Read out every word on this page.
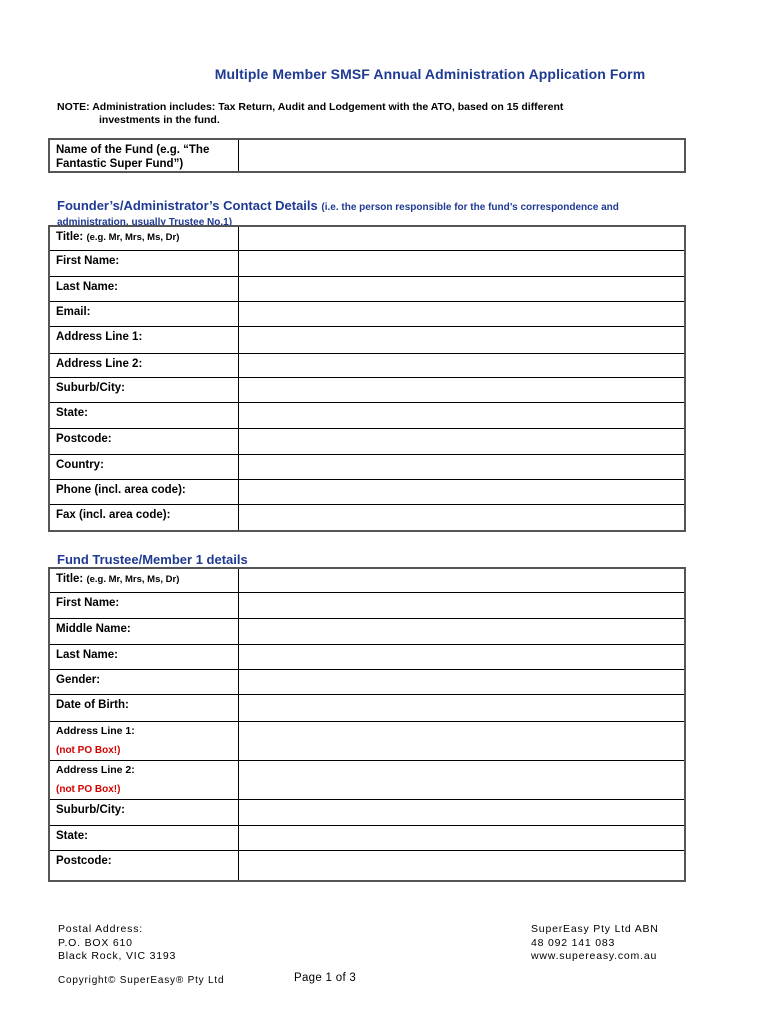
Multiple Member SMSF Annual Administration Application Form
NOTE: Administration includes: Tax Return, Audit and Lodgement with the ATO, based on 15 different
investments in the fund.
Name of the Fund (e.g. “The
Fantastic Super Fund”)	
Founder’s/Administrator’s Contact Details (i.e. the person responsible for the fund’s correspondence and
administration, usually Trustee No.1)
Title: (e.g. Mr, Mrs, Ms, Dr)	
First Name:	
Last Name:	
Email:	
Address Line 1:	
Address Line 2:	
Suburb/City:	
State:	
Postcode:	
Country:	
Phone (incl. area code):	
Fax (incl. area code):	
Fund Trustee/Member 1 details
Title: (e.g. Mr, Mrs, Ms, Dr)	
First Name:	
Middle Name:	
Last Name:	
Gender:	
Date of Birth:	
Address Line 1:
(not PO Box!)	
Address Line 2:
(not PO Box!)	
Suburb/City:	
State:	
Postcode:	
Postal Address:
P.O. BOX 610
Black Rock, VIC 3193
SuperEasy Pty Ltd ABN
48 092 141 083
www.supereasy.com.au
Copyright© SuperEasy® Pty Ltd	Page 1 of 3
